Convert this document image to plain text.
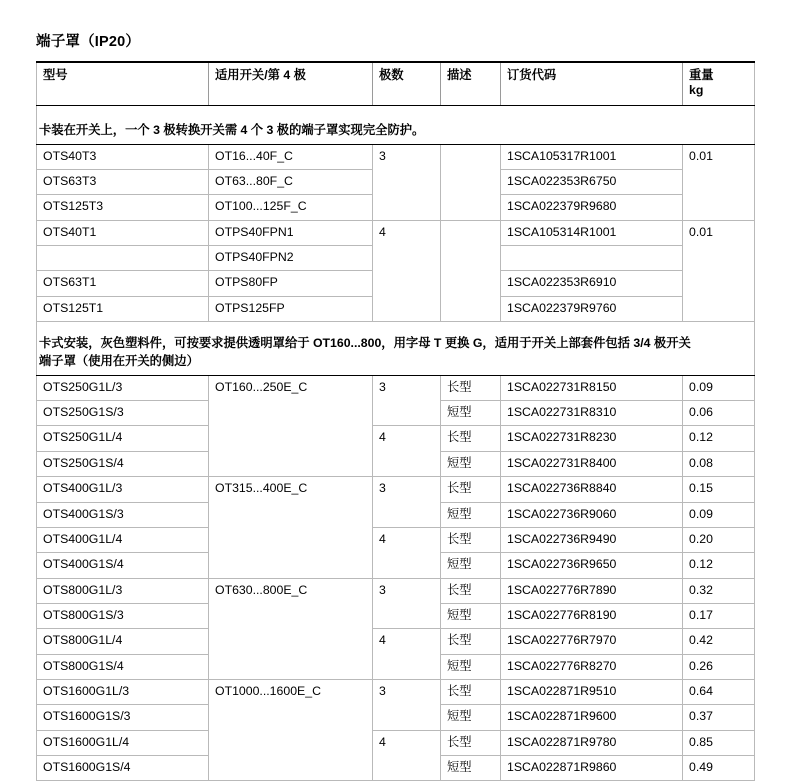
端子罩（IP20）
型号	适用开关/第 4 极	极数	描述	订货代码	重量
kg

卡装在开关上，一个 3 极转换开关需 4 个 3 极的端子罩实现完全防护。					
OTS40T3	OT16...40F_C	3		1SCA105317R1001	0.01
OTS63T3	OT63...80F_C			1SCA022353R6750	
OTS125T3	OT100...125F_C			1SCA022379R9680	
OTS40T1	OTPS40FPN1	4		1SCA105314R1001	0.01
	OTPS40FPN2				
OTS63T1	OTPS80FP			1SCA022353R6910	
OTS125T1	OTPS125FP			1SCA022379R9760	
卡式安装，灰色塑料件，可按要求提供透明罩给于 OT160...800，用字母 T 更换 G，适用于开关上部套件包括 3/4 极开关
端子罩（使用在开关的侧边）					
OTS250G1L/3	OT160...250E_C	3	长型	1SCA022731R8150	0.09
OTS250G1S/3			短型	1SCA022731R8310	0.06
OTS250G1L/4		4	长型	1SCA022731R8230	0.12
OTS250G1S/4			短型	1SCA022731R8400	0.08
OTS400G1L/3	OT315...400E_C	3	长型	1SCA022736R8840	0.15
OTS400G1S/3			短型	1SCA022736R9060	0.09
OTS400G1L/4		4	长型	1SCA022736R9490	0.20
OTS400G1S/4			短型	1SCA022736R9650	0.12
OTS800G1L/3	OT630...800E_C	3	长型	1SCA022776R7890	0.32
OTS800G1S/3			短型	1SCA022776R8190	0.17
OTS800G1L/4		4	长型	1SCA022776R7970	0.42
OTS800G1S/4			短型	1SCA022776R8270	0.26
OTS1600G1L/3	OT1000...1600E_C	3	长型	1SCA022871R9510	0.64
OTS1600G1S/3			短型	1SCA022871R9600	0.37
OTS1600G1L/4		4	长型	1SCA022871R9780	0.85
OTS1600G1S/4			短型	1SCA022871R9860	0.49
